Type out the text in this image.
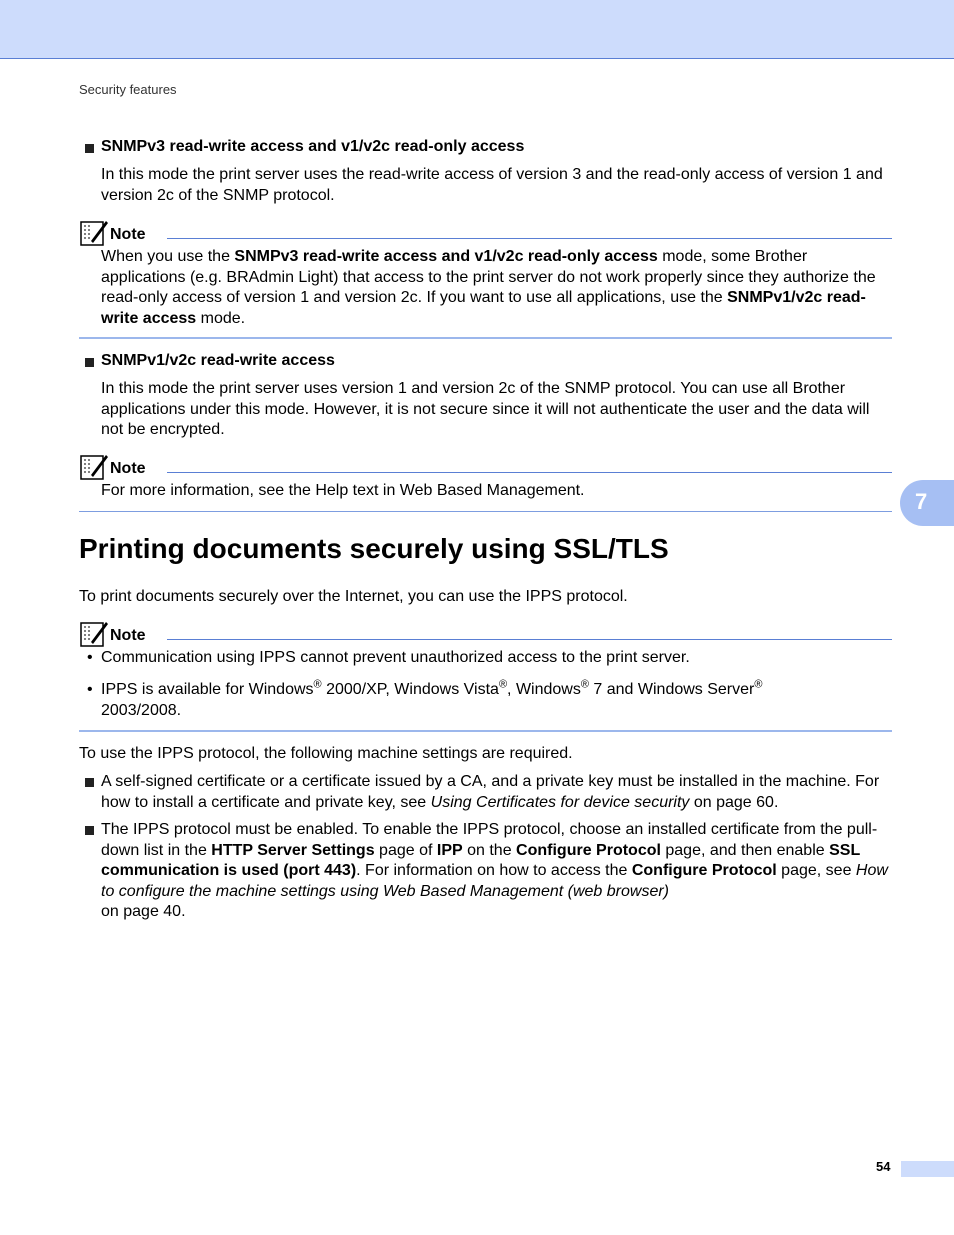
Security features
SNMPv3 read-write access and v1/v2c read-only access
In this mode the print server uses the read-write access of version 3 and the read-only access of version 1 and version 2c of the SNMP protocol.
Note
When you use the SNMPv3 read-write access and v1/v2c read-only access mode, some Brother applications (e.g. BRAdmin Light) that access to the print server do not work properly since they authorize the read-only access of version 1 and version 2c. If you want to use all applications, use the SNMPv1/v2c read-write access mode.
SNMPv1/v2c read-write access
In this mode the print server uses version 1 and version 2c of the SNMP protocol. You can use all Brother applications under this mode. However, it is not secure since it will not authenticate the user and the data will not be encrypted.
Note
For more information, see the Help text in Web Based Management.
Printing documents securely using SSL/TLS
To print documents securely over the Internet, you can use the IPPS protocol.
Note
• Communication using IPPS cannot prevent unauthorized access to the print server.
• IPPS is available for Windows® 2000/XP, Windows Vista®, Windows® 7 and Windows Server®
2003/2008.
To use the IPPS protocol, the following machine settings are required.
A self-signed certificate or a certificate issued by a CA, and a private key must be installed in the machine. For how to install a certificate and private key, see Using Certificates for device security on page 60.
The IPPS protocol must be enabled. To enable the IPPS protocol, choose an installed certificate from the pull-down list in the HTTP Server Settings page of IPP on the Configure Protocol page, and then enable SSL communication is used (port 443). For information on how to access the Configure Protocol page, see How to configure the machine settings using Web Based Management (web browser)
on page 40.
7
54
